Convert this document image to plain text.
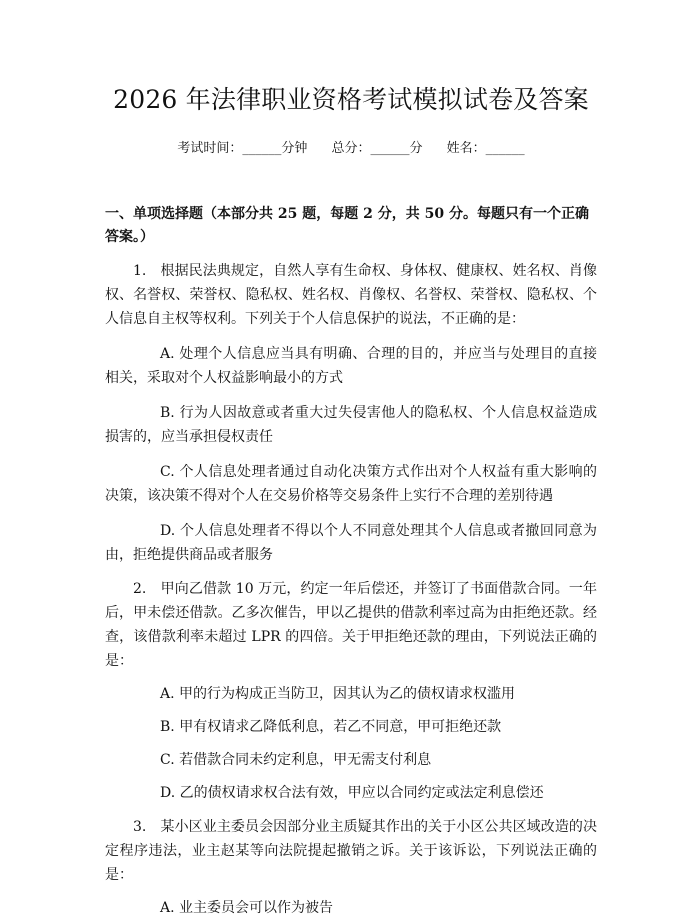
2026 年法律职业资格考试模拟试卷及答案
考试时间：______分钟 总分：______分 姓名：______
一、单项选择题（本部分共 25 题，每题 2 分，共 50 分。每题只有一个正确答案。）
1.　根据民法典规定，自然人享有生命权、身体权、健康权、姓名权、肖像权、名誉权、荣誉权、隐私权、姓名权、肖像权、名誉权、荣誉权、隐私权、个人信息自主权等权利。下列关于个人信息保护的说法，不正确的是：
A. 处理个人信息应当具有明确、合理的目的，并应当与处理目的直接相关，采取对个人权益影响最小的方式
B. 行为人因故意或者重大过失侵害他人的隐私权、个人信息权益造成损害的，应当承担侵权责任
C. 个人信息处理者通过自动化决策方式作出对个人权益有重大影响的决策，该决策不得对个人在交易价格等交易条件上实行不合理的差别待遇
D. 个人信息处理者不得以个人不同意处理其个人信息或者撤回同意为由，拒绝提供商品或者服务
2.　甲向乙借款 10 万元，约定一年后偿还，并签订了书面借款合同。一年后，甲未偿还借款。乙多次催告，甲以乙提供的借款利率过高为由拒绝还款。经查，该借款利率未超过 LPR 的四倍。关于甲拒绝还款的理由，下列说法正确的是：
A. 甲的行为构成正当防卫，因其认为乙的债权请求权滥用
B. 甲有权请求乙降低利息，若乙不同意，甲可拒绝还款
C. 若借款合同未约定利息，甲无需支付利息
D. 乙的债权请求权合法有效，甲应以合同约定或法定利息偿还
3.　某小区业主委员会因部分业主质疑其作出的关于小区公共区域改造的决定程序违法，业主赵某等向法院提起撤销之诉。关于该诉讼，下列说法正确的是：
A. 业主委员会可以作为被告
